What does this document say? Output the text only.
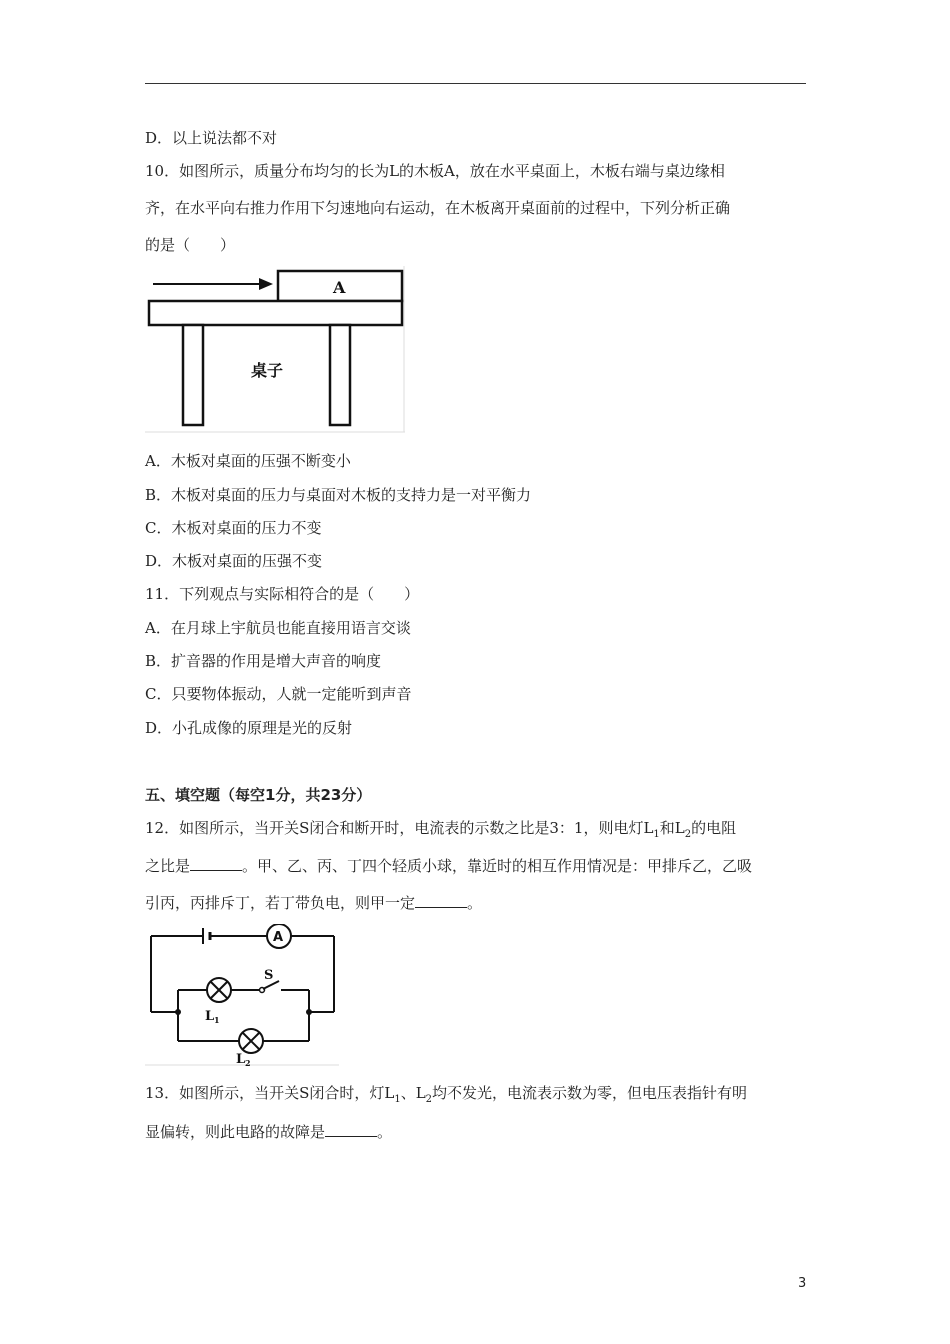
D．以上说法都不对
10．如图所示，质量分布均匀的长为L的木板A，放在水平桌面上，木板右端与桌边缘相
齐，在水平向右推力作用下匀速地向右运动，在木板离开桌面前的过程中，下列分析正确
的是（　　）
A
桌子
A．木板对桌面的压强不断变小
B．木板对桌面的压力与桌面对木板的支持力是一对平衡力
C．木板对桌面的压力不变
D．木板对桌面的压强不变
11．下列观点与实际相符合的是（　　）
A．在月球上宇航员也能直接用语言交谈
B．扩音器的作用是增大声音的响度
C．只要物体振动，人就一定能听到声音
D．小孔成像的原理是光的反射
五、填空题（每空1分，共23分）
12．如图所示，当开关S闭合和断开时，电流表的示数之比是3：1，则电灯$L_1$和$L_2$的电阻
之比是	。甲、乙、丙、丁四个轻质小球，靠近时的相互作用情况是：甲排斥乙，乙吸
引丙，丙排斥丁，若丁带负电，则甲一定	。
A
S
L 1
L 2
13．如图所示，当开关S闭合时，灯$L_1$、$L_2$均不发光，电流表示数为零，但电压表指针有明
显偏转，则此电路的故障是	。
3
